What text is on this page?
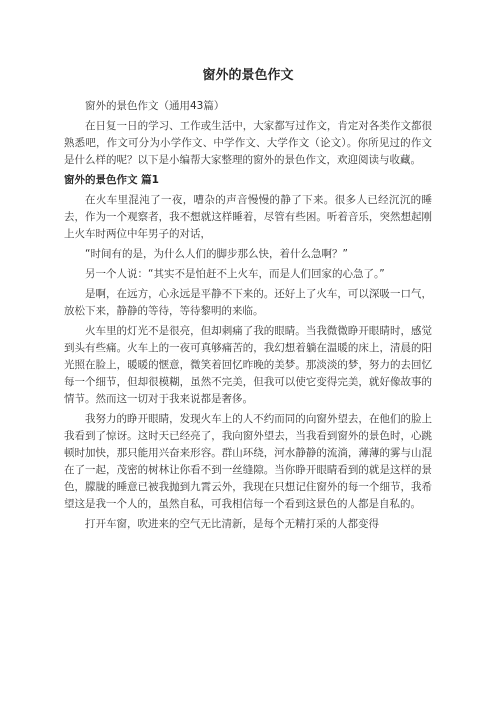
窗外的景色作文

窗外的景色作文（通用43篇）

在日复一日的学习、工作或生活中，大家都写过作文，肯定对各类作文都很熟悉吧，作文可分为小学作文、中学作文、大学作文（论文）。你所见过的作文是什么样的呢？以下是小编帮大家整理的窗外的景色作文，欢迎阅读与收藏。

窗外的景色作文 篇1

在火车里混沌了一夜，嘈杂的声音慢慢的静了下来。很多人已经沉沉的睡去，作为一个观察者，我不想就这样睡着，尽管有些困。听着音乐，突然想起刚上火车时两位中年男子的对话，

“时间有的是，为什么人们的脚步那么快，着什么急啊？”

另一个人说：“其实不是怕赶不上火车，而是人们回家的心急了。”

是啊，在远方，心永远是平静不下来的。还好上了火车，可以深吸一口气，放松下来，静静的等待，等待黎明的来临。

火车里的灯光不是很亮，但却刺痛了我的眼睛。当我微微睁开眼睛时，感觉到头有些痛。火车上的一夜可真够痛苦的，我幻想着躺在温暖的床上，清晨的阳光照在脸上，暖暖的惬意，微笑着回忆昨晚的美梦。那淡淡的梦，努力的去回忆每一个细节，但却很模糊，虽然不完美，但我可以使它变得完美，就好像故事的情节。然而这一切对于我来说都是奢侈。

我努力的睁开眼睛，发现火车上的人不约而同的向窗外望去，在他们的脸上我看到了惊讶。这时天已经亮了，我向窗外望去，当我看到窗外的景色时，心跳顿时加快，那只能用兴奋来形容。群山环绕，河水静静的流淌，薄薄的雾与山混在了一起，茂密的树林让你看不到一丝缝隙。当你睁开眼睛看到的就是这样的景色，朦胧的睡意已被我抛到九霄云外，我现在只想记住窗外的每一个细节，我希望这是我一个人的，虽然自私，可我相信每一个看到这景色的人都是自私的。

打开车窗，吹进来的空气无比清新，是每个无精打采的人都变得
